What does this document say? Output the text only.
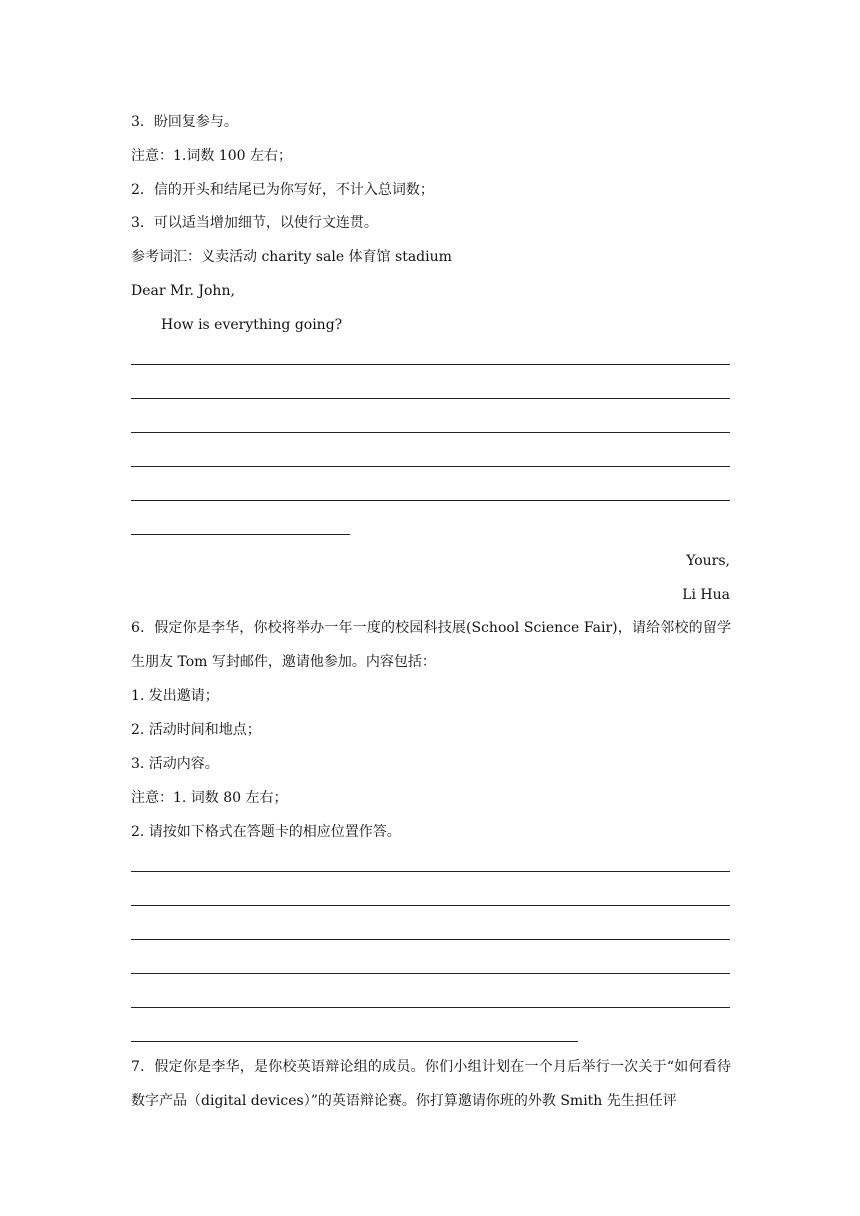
3．盼回复参与。
注意：1.词数 100 左右；
2．信的开头和结尾已为你写好，不计入总词数；
3．可以适当增加细节，以使行文连贯。
参考词汇：义卖活动 charity sale 体育馆 stadium
Dear Mr. John,
How is everything going?
Yours,
Li Hua
6．假定你是李华，你校将举办一年一度的校园科技展(School Science Fair)，请给邻校的留学生朋友 Tom 写封邮件，邀请他参加。内容包括：
1. 发出邀请；
2. 活动时间和地点；
3. 活动内容。
注意：1. 词数 80 左右；
2. 请按如下格式在答题卡的相应位置作答。
7．假定你是李华，是你校英语辩论组的成员。你们小组计划在一个月后举行一次关于“如何看待数字产品（digital devices）”的英语辩论赛。你打算邀请你班的外教 Smith 先生担任评
